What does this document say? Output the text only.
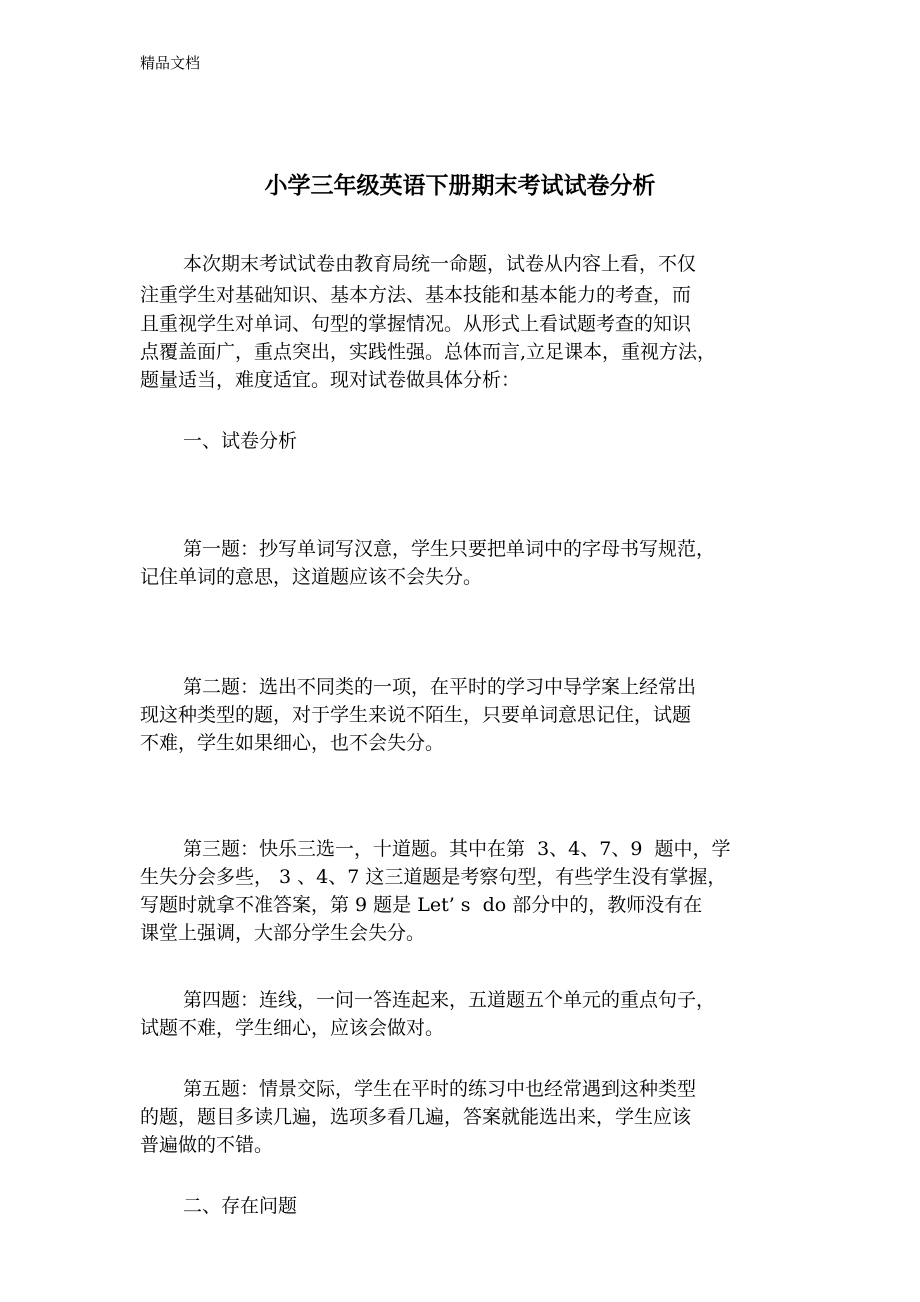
精品文档
小学三年级英语下册期末考试试卷分析
本次期末考试试卷由教育局统一命题，试卷从内容上看，不仅
注重学生对基础知识、基本方法、基本技能和基本能力的考查，而
且重视学生对单词、句型的掌握情况。从形式上看试题考查的知识
点覆盖面广，重点突出，实践性强。总体而言,立足课本，重视方法，
题量适当，难度适宜。现对试卷做具体分析：
一、试卷分析
第一题：抄写单词写汉意，学生只要把单词中的字母书写规范，
记住单词的意思，这道题应该不会失分。
第二题：选出不同类的一项，在平时的学习中导学案上经常出
现这种类型的题，对于学生来说不陌生，只要单词意思记住，试题
不难，学生如果细心，也不会失分。
第三题：快乐三选一，十道题。其中在第  3、4、7、9  题中，学
生失分会多些， 3 、4、7 这三道题是考察句型，有些学生没有掌握，
写题时就拿不准答案，第 9 题是 Let’ s  do 部分中的，教师没有在
课堂上强调，大部分学生会失分。
第四题：连线，一问一答连起来，五道题五个单元的重点句子，
试题不难，学生细心，应该会做对。
第五题：情景交际，学生在平时的练习中也经常遇到这种类型
的题，题目多读几遍，选项多看几遍，答案就能选出来，学生应该
普遍做的不错。
二、存在问题
